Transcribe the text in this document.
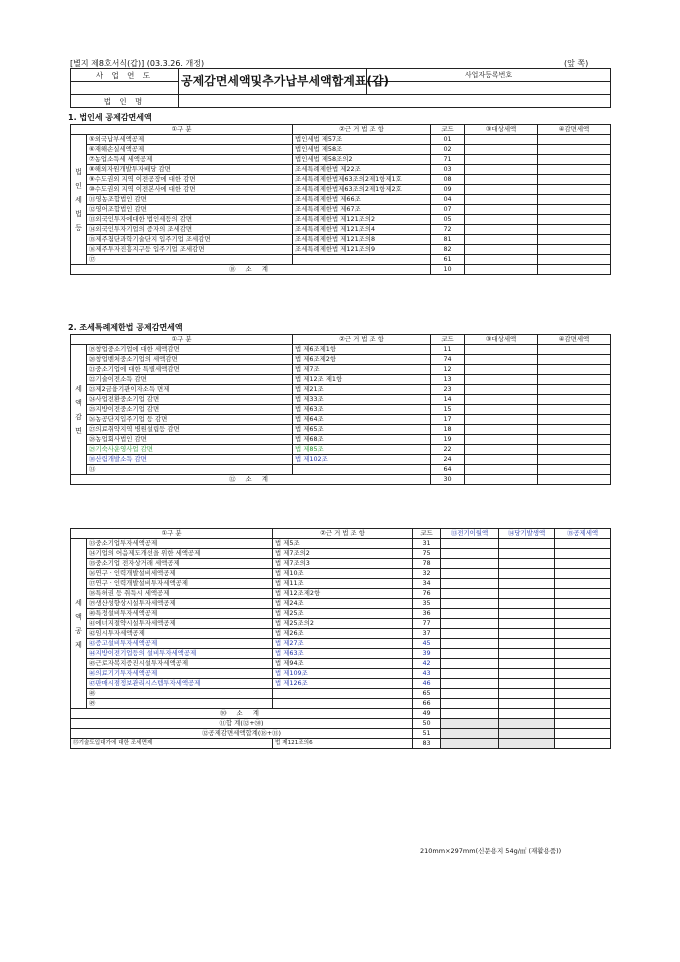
[별지 제8호서식(갑)] (03.3.26. 개정)	(앞 쪽)
사 업 연 도	공제감면세액및추가납부세액합계표(갑)	사업자등록번호

법 인 명		
1. 법인세 공제감면세액
①구 분		②근 거 법 조 항	코드	③대상세액	④감면세액
법인세법등	⑤외국납부세액공제	법인세법 제57조	01		
	⑥재해손실세액공제	법인세법 제58조	02		
	⑦농업소득세 세액공제	법인세법 제58조의2	71		
	⑧해외자원개발투자배당 감면	조세특례제한법 제22조	03		
	⑨수도권외 지역 이전공장에 대한 감면	조세특례제한법제63조의2제1항제1호	08		
	⑩수도권외 지역 이전본사에 대한 감면	조세특례제한법제63조의2제1항제2호	09		
	⑪영농조합법인 감면	조세특례제한법 제66조	04		
	⑫영어조합법인 감면	조세특례제한법 제67조	07		
	⑬외국인투자에대한 법인세등의 감면	조세특례제한법 제121조의2	05		
	⑭외국인투자기업의 증자의 조세감면	조세특례제한법 제121조의4	72		
	⑮제주첨단과학기술단지 입주기업 조세감면	조세특례제한법 제121조의8	81		
	⑯제주투자진흥지구등 입주기업 조세감면	조세특례제한법 제121조의9	82		
	⑰		61		
⑱ 소 계			10		
2. 조세특례제한법 공제감면세액
①구 분		②근 거 법 조 항	코드	③대상세액	④감면세액
세액감면	⑲창업중소기업에 대한 세액감면	법 제6조제1항	11		
	⑳창업벤처중소기업의 세액감면	법 제6조제2항	74		
	㉑중소기업에 대한 특별세액감면	법 제7조	12		
	㉒기술이전소득 감면	법 제12조 제1항	13		
	㉓제2금융기관이자소득 면제	법 제21조	23		
	㉔사업전환중소기업 감면	법 제33조	14		
	㉕지방이전중소기업 감면	법 제63조	15		
	㉖농공단지입주기업 등 감면	법 제64조	17		
	㉗의료취약지역 병원설립등 감면	법 제65조	18		
	㉘농업회사법인 감면	법 제68조	19		
	㉙기숙사운영사업 감면	법 제85조	22		
	㉚산림개발소득 감면	법 제102조	24		
	㉛		64		
㉜ 소 계			30		
①구 분		②근 거 법 조 항	코드	⑬전기이월액	⑭당기발생액	⑮공제세액
세액공제	㉝중소기업투자세액공제	법 제5조	31			
	㉞기업의 어음제도개선을 위한 세액공제	법 제7조의2	75			
	㉟중소기업 전자상거래 세액공제	법 제7조의3	78			
	㊱연구 · 인력개발설비세액공제	법 제10조	32			
	㊲연구 · 인력개발설비투자세액공제	법 제11조	34			
	㊳특허권 등 취득시 세액공제	법 제12조제2항	76			
	㊴생산성향상시설투자세액공제	법 제24조	35			
	㊵특정설비투자세액공제	법 제25조	36			
	㊶에너지절약시설투자세액공제	법 제25조의2	77			
	㊷임시투자세액공제	법 제26조	37			
	㊸증고설비투자세액공제	법 제27조	45			
	㊹지방이전기업등의 설비투자세액공제	법 제63조	39			
	㊺근로자복지증진시설투자세액공제	법 제94조	42			
	㊻의료기기투자세액공제	법 제109조	43			
	㊼판매시점정보관리시스템투자세액공제	법 제126조	46			
	㊽		65			
	㊾		66			
㊿ 소 계			49			
⑪합 계(㉜+㊿)			50			
⑫공제감면세액합계(⑱+⑪)			51			
⑬기술도입대가에 대한 조세면제		법 제121조의6	83			
210mm×297mm(신문용지 54g/㎡ (재활용품))
